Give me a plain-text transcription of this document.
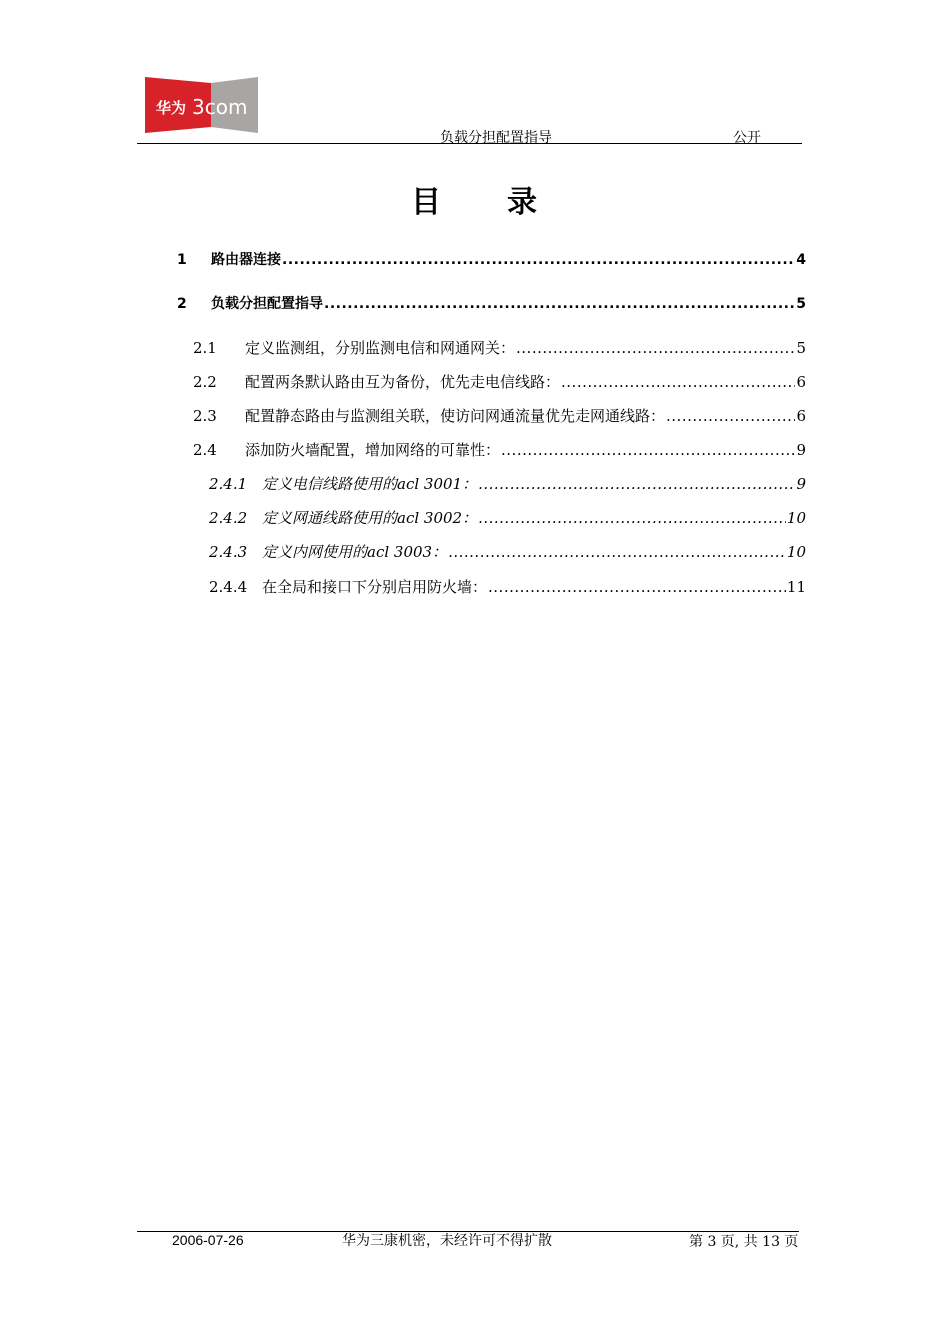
华为 3com
负载分担配置指导	公开
目 录
1	路由器连接 .....	4
2	负载分担配置指导 .....	5
2.1	定义监测组，分别监测电信和网通网关： .....	5
2.2	配置两条默认路由互为备份，优先走电信线路： .....	6
2.3	配置静态路由与监测组关联，使访问网通流量优先走网通线路： .....	6
2.4	添加防火墙配置，增加网络的可靠性： .....	9
2.4.1 定义电信线路使用的acl 3001： .....	9
2.4.2 定义网通线路使用的acl 3002： .....	10
2.4.3 定义内网使用的acl 3003： .....	10
2.4.4 在全局和接口下分别启用防火墙： .....	11
2006-07-26	华为三康机密，未经许可不得扩散	第 3 页, 共 13 页
